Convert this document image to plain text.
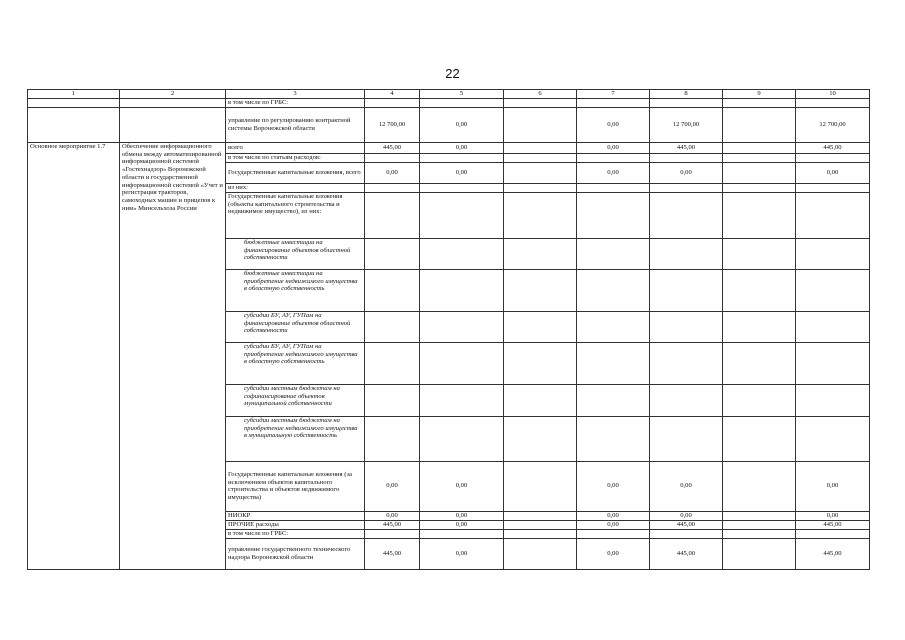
22
1	2	3	4	5	6	7	8	9	10
		в том числе по ГРБС:							
		управление по регулированию контрактной системы Воронежской области	12 700,00	0,00		0,00	12 700,00		12 700,00
Основное мероприятие 1.7	Обеспечение информационного обмена между автоматизированной информационной системой «Гостехнадзор» Воронежской области и государственной информационной системой «Учет и регистрация тракторов, самоходных машин и прицепов к ним» Минсельхоза России	всего	445,00	0,00		0,00	445,00		445,00
		в том числе по статьям расходов:							
		Государственные капитальные вложения, всего	0,00	0,00		0,00	0,00		0,00
		из них:							
		Государственные капитальные вложения (объекты капитального строительства и недвижимое имущество), из них:							
		бюджетные инвестиции на финансирование объектов областной собственности							
		бюджетные инвестиции на приобретение недвижимого имущества в областную собственность							
		субсидии БУ, АУ, ГУПам на финансирование объектов областной собственности							
		субсидии БУ, АУ, ГУПам на приобретение недвижимого имущества в областную собственность							
		субсидии местным бюджетам на софинансирование объектов муниципальной собственности							
		субсидии местным бюджетам на приобретение недвижимого имущества в муниципальную собственность							
		Государственные капитальные вложения (за исключением объектов капитального строительства и объектов недвижимого имущества)	0,00	0,00		0,00	0,00		0,00
		НИОКР	0,00	0,00		0,00	0,00		0,00
		ПРОЧИЕ расходы	445,00	0,00		0,00	445,00		445,00
		в том числе по ГРБС:							
		управление государственного технического надзора Воронежской области	445,00	0,00		0,00	445,00		445,00
